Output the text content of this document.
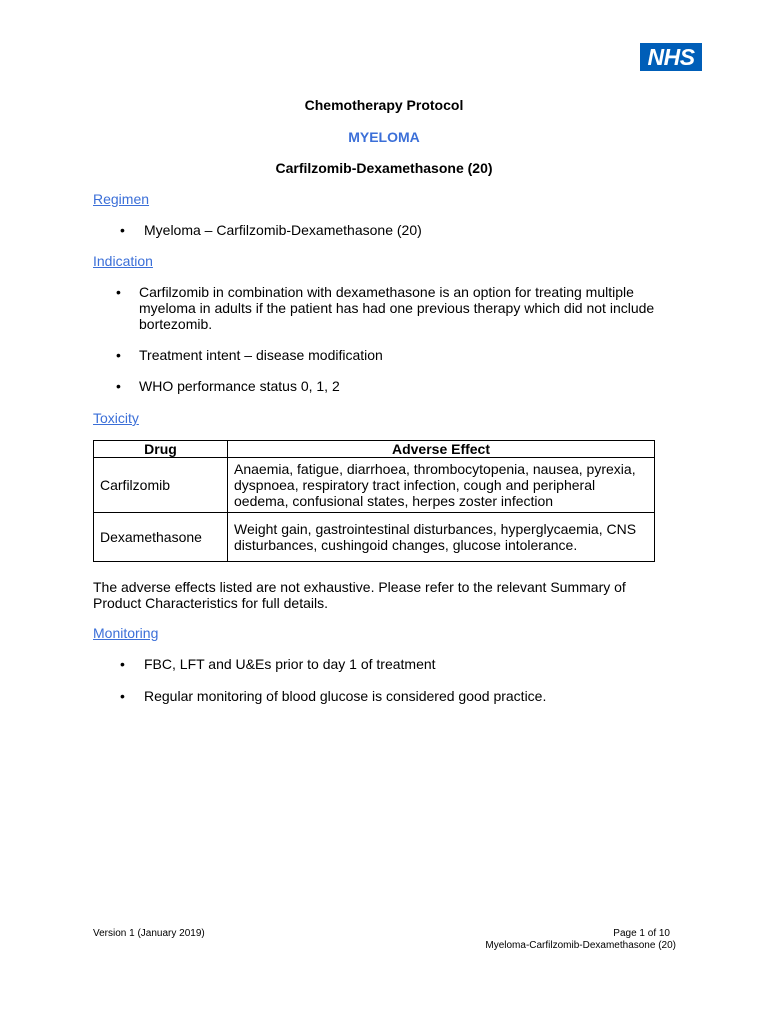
NHS
Chemotherapy Protocol
MYELOMA
Carfilzomib-Dexamethasone (20)
Regimen
• Myeloma – Carfilzomib-Dexamethasone (20)
Indication
• Carfilzomib in combination with dexamethasone is an option for treating multiple
myeloma in adults if the patient has had one previous therapy which did not include
bortezomib.
• Treatment intent – disease modification
• WHO performance status 0, 1, 2
Toxicity
Drug	Adverse Effect
Carfilzomib	Anaemia, fatigue, diarrhoea, thrombocytopenia, nausea, pyrexia,
dyspnoea, respiratory tract infection, cough and peripheral
oedema, confusional states, herpes zoster infection
Dexamethasone	Weight gain, gastrointestinal disturbances, hyperglycaemia, CNS
disturbances, cushingoid changes, glucose intolerance.
The adverse effects listed are not exhaustive. Please refer to the relevant Summary of
Product Characteristics for full details.
Monitoring
• FBC, LFT and U&Es prior to day 1 of treatment
• Regular monitoring of blood glucose is considered good practice.
Version 1 (January 2019)	Page 1 of 10
Myeloma-Carfilzomib-Dexamethasone (20)
